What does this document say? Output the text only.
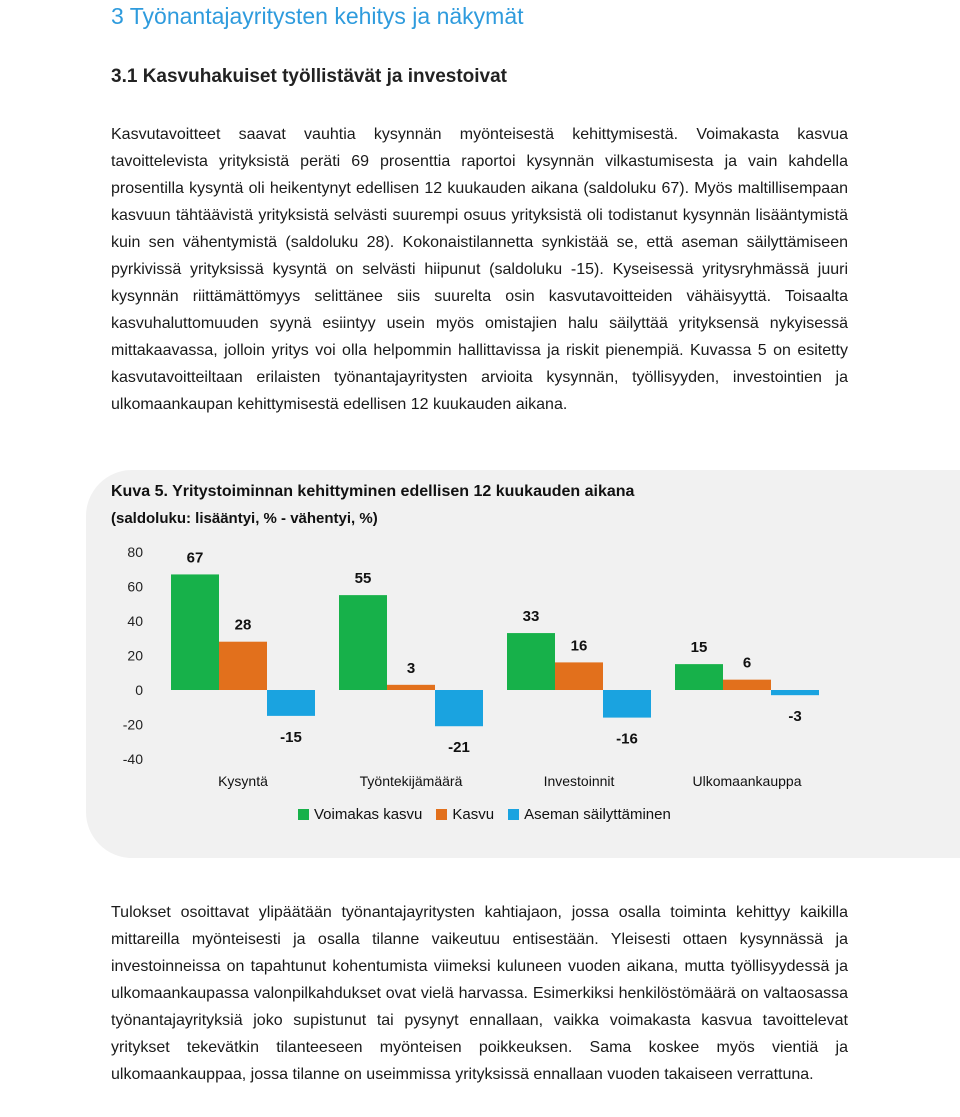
3 Työnantajayritysten kehitys ja näkymät
3.1 Kasvuhakuiset työllistävät ja investoivat

Kasvutavoitteet saavat vauhtia kysynnän myönteisestä kehittymisestä. Voimakasta kasvua tavoittelevista yrityksistä peräti 69 prosenttia raportoi kysynnän vilkastumisesta ja vain kahdella prosentilla kysyntä oli heikentynyt edellisen 12 kuukauden aikana (saldoluku 67). Myös maltillisempaan kasvuun tähtäävistä yrityksistä selvästi suurempi osuus yrityksistä oli todistanut kysynnän lisääntymistä kuin sen vähentymistä (saldoluku 28). Kokonaistilannetta synkistää se, että aseman säilyttämiseen pyrkivissä yrityksissä kysyntä on selvästi hiipunut (saldoluku -15). Kyseisessä yritysryhmässä juuri kysynnän riittämättömyys selittänee siis suurelta osin kasvutavoitteiden vähäisyyttä. Toisaalta kasvuhaluttomuuden syynä esiintyy usein myös omistajien halu säilyttää yrityksensä nykyisessä mittakaavassa, jolloin yritys voi olla helpommin hallittavissa ja riskit pienempiä. Kuvassa 5 on esitetty kasvutavoitteiltaan erilaisten työnantajayritysten arvioita kysynnän, työllisyyden, investointien ja ulkomaankaupan kehittymisestä edellisen 12 kuukauden aikana.

Kuva 5. Yritystoiminnan kehittyminen edellisen 12 kuukauden aikana

(saldoluku: lisääntyi, % - vähentyi, %)

80
60
40
20
0
-20
-40
67
28
-15
55
3
-21
33
16
-16
15
6
-3
Kysyntä	Työntekijämäärä	Investoinnit	Ulkomaankauppa
Voimakas kasvu Kasvu Aseman säilyttäminen

Tulokset osoittavat ylipäätään työnantajayritysten kahtiajaon, jossa osalla toiminta kehittyy kaikilla mittareilla myönteisesti ja osalla tilanne vaikeutuu entisestään. Yleisesti ottaen kysynnässä ja investoinneissa on tapahtunut kohentumista viimeksi kuluneen vuoden aikana, mutta työllisyydessä ja ulkomaankaupassa valonpilkahdukset ovat vielä harvassa. Esimerkiksi henkilöstömäärä on valtaosassa työnantajayrityksiä joko supistunut tai pysynyt ennallaan, vaikka voimakasta kasvua tavoittelevat yritykset tekevätkin tilanteeseen myönteisen poikkeuksen. Sama koskee myös vientiä ja ulkomaankauppaa, jossa tilanne on useimmissa yrityksissä ennallaan vuoden takaiseen verrattuna.
